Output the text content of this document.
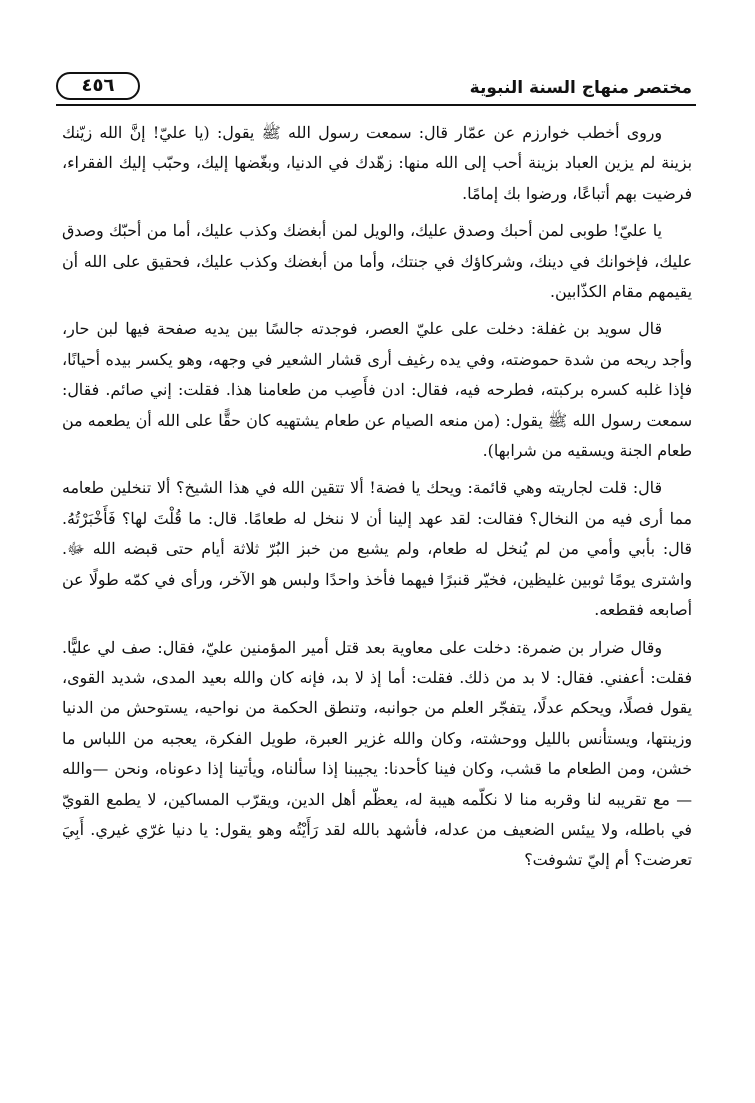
مختصر منهاج السنة النبوية
٤٥٦

وروى أخطب خوارزم عن عمّار قال: سمعت رسول الله ﷺ يقول: (يا عليّ! إنَّ الله زيّنك بزينة لم يزين العباد بزينة أحب إلى الله منها: زهّدك في الدنيا، وبغّضها إليك، وحبّب إليك الفقراء، فرضيت بهم أتباعًا، ورضوا بك إمامًا.

يا عليّ! طوبى لمن أحبك وصدق عليك، والويل لمن أبغضك وكذب عليك، أما من أحبّك وصدق عليك، فإخوانك في دينك، وشركاؤك في جنتك، وأما من أبغضك وكذب عليك، فحقيق على الله أن يقيمهم مقام الكذّابين.

قال سويد بن غفلة: دخلت على عليّ العصر، فوجدته جالسًا بين يديه صفحة فيها لبن حار، وأجد ريحه من شدة حموضته، وفي يده رغيف أرى قشار الشعير في وجهه، وهو يكسر بيده أحيانًا، فإذا غلبه كسره بركبته، فطرحه فيه، فقال: ادن فأَصِب من طعامنا هذا. فقلت: إني صائم. فقال: سمعت رسول الله ﷺ يقول: (من منعه الصيام عن طعام يشتهيه كان حقًّا على الله أن يطعمه من طعام الجنة ويسقيه من شرابها).

قال: قلت لجاريته وهي قائمة: ويحك يا فضة! ألا تتقين الله في هذا الشيخ؟ ألا تنخلين طعامه مما أرى فيه من النخال؟ فقالت: لقد عهد إلينا أن لا ننخل له طعامًا. قال: ما قُلْتَ لها؟ فَأَخْبَرْتُهُ. قال: بأبي وأمي من لم يُنخل له طعام، ولم يشبع من خبز البُرّ ثلاثة أيام حتى قبضه الله ﷻ. واشترى يومًا ثوبين غليظين، فخيّر قنبرًا فيهما فأخذ واحدًا ولبس هو الآخر، ورأى في كمّه طولًا عن أصابعه فقطعه.

وقال ضرار بن ضمرة: دخلت على معاوية بعد قتل أمير المؤمنين عليّ، فقال: صف لي عليًّا. فقلت: أعفني. فقال: لا بد من ذلك. فقلت: أما إذ لا بد، فإنه كان والله بعيد المدى، شديد القوى، يقول فصلًا، ويحكم عدلًا، يتفجّر العلم من جوانبه، وتنطق الحكمة من نواحيه، يستوحش من الدنيا وزينتها، ويستأنس بالليل ووحشته، وكان والله غزير العبرة، طويل الفكرة، يعجبه من اللباس ما خشن، ومن الطعام ما قشب، وكان فينا كأحدنا: يجيبنا إذا سألناه، ويأتينا إذا دعوناه، ونحن —والله— مع تقريبه لنا وقربه منا لا نكلّمه هيبة له، يعظّم أهل الدين، ويقرّب المساكين، لا يطمع القويّ في باطله، ولا ييئس الضعيف من عدله، فأشهد بالله لقد رَأَيْتُه وهو يقول: يا دنيا غرّي غيري. أَبِيَ تعرضت؟ أم إليّ تشوفت؟
